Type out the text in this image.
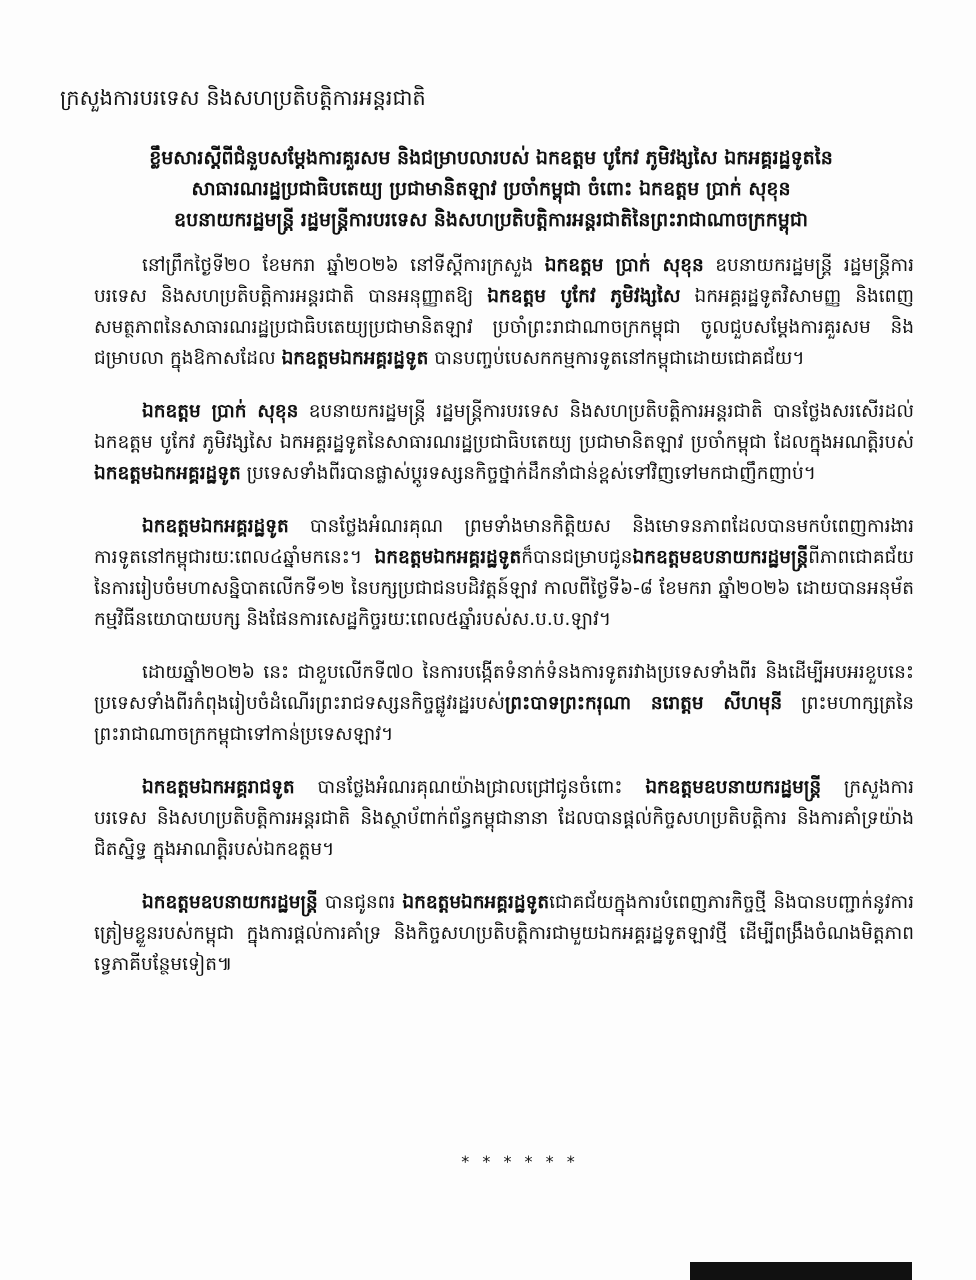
ក្រសួងការបរទេស និងសហប្រតិបត្តិការអន្តរជាតិ
ខ្លឹមសារស្តីពីជំនួបសម្តែងការគួរសម និងជម្រាបលារបស់ ឯកឧត្តម បូកែវ ភូមិវង្សសៃ ឯកអគ្គរដ្ឋទូតនៃ
សាធារណរដ្ឋប្រជាធិបតេយ្យ ប្រជាមានិតឡាវ ប្រចាំកម្ពុជា ចំពោះ ឯកឧត្តម ប្រាក់ សុខុន
ឧបនាយករដ្ឋមន្ត្រី រដ្ឋមន្ត្រីការបរទេស និងសហប្រតិបត្តិការអន្តរជាតិនៃព្រះរាជាណាចក្រកម្ពុជា

នៅព្រឹកថ្ងៃទី២០ ខែមករា ឆ្នាំ២០២៦ នៅទីស្តីការក្រសួង ឯកឧត្តម ប្រាក់ សុខុន ឧបនាយករដ្ឋមន្ត្រី រដ្ឋមន្ត្រីការបរទេស និងសហប្រតិបត្តិការអន្តរជាតិ បានអនុញ្ញាតឱ្យ ឯកឧត្តម បូកែវ ភូមិវង្សសៃ ឯកអគ្គរដ្ឋទូតវិសាមញ្ញ និងពេញសមត្ថភាពនៃសាធារណរដ្ឋប្រជាធិបតេយ្យប្រជាមានិតឡាវ ប្រចាំព្រះរាជាណាចក្រកម្ពុជា ចូលជួបសម្តែងការគួរសម និងជម្រាបលា ក្នុងឱកាសដែល ឯកឧត្តមឯកអគ្គរដ្ឋទូត បានបញ្ចប់បេសកកម្មការទូតនៅកម្ពុជាដោយជោគជ័យ។

ឯកឧត្តម ប្រាក់ សុខុន ឧបនាយករដ្ឋមន្ត្រី រដ្ឋមន្ត្រីការបរទេស និងសហប្រតិបត្តិការអន្តរជាតិ បានថ្លែងសរសើរដល់ ឯកឧត្តម បូកែវ ភូមិវង្សសៃ ឯកអគ្គរដ្ឋទូតនៃសាធារណរដ្ឋប្រជាធិបតេយ្យ ប្រជាមានិតឡាវ ប្រចាំកម្ពុជា ដែលក្នុងអណត្តិរបស់ឯកឧត្តមឯកអគ្គរដ្ឋទូត ប្រទេសទាំងពីរបានផ្លាស់ប្តូរទស្សនកិច្ចថ្នាក់ដឹកនាំជាន់ខ្ពស់ទៅវិញទៅមកជាញឹកញាប់។

ឯកឧត្តមឯកអគ្គរដ្ឋទូត បានថ្លែងអំណរគុណ ព្រមទាំងមានកិត្តិយស និងមោទនភាពដែលបានមកបំពេញការងារការទូតនៅកម្ពុជារយៈពេល៤ឆ្នាំមកនេះ។ ឯកឧត្តមឯកអគ្គរដ្ឋទូតក៏បានជម្រាបជូនឯកឧត្តមឧបនាយករដ្ឋមន្ត្រីពីភាពជោគជ័យនៃការរៀបចំមហាសន្និបាតលើកទី១២ នៃបក្សប្រជាជនបដិវត្តន៍ឡាវ កាលពីថ្ងៃទី៦-៨ ខែមករា ឆ្នាំ២០២៦ ដោយបានអនុម័តកម្មវិធីនយោបាយបក្ស និងផែនការសេដ្ឋកិច្ចរយៈពេល៥ឆ្នាំរបស់ស.ប.ប.ឡាវ។

ដោយឆ្នាំ២០២៦ នេះ ជាខួបលើកទី៧០ នៃការបង្កើតទំនាក់ទំនងការទូតរវាងប្រទេសទាំងពីរ និងដើម្បីអបអរខួបនេះ ប្រទេសទាំងពីរកំពុងរៀបចំដំណើរព្រះរាជទស្សនកិច្ចផ្លូវរដ្ឋរបស់ព្រះបាទព្រះករុណា នរោត្តម សីហមុនី ព្រះមហាក្សត្រនៃព្រះរាជាណាចក្រកម្ពុជាទៅកាន់ប្រទេសឡាវ។

ឯកឧត្តមឯកអគ្គរាជទូត បានថ្លែងអំណរគុណយ៉ាងជ្រាលជ្រៅជូនចំពោះ ឯកឧត្តមឧបនាយករដ្ឋមន្ត្រី ក្រសួងការបរទេស និងសហប្រតិបត្តិការអន្តរជាតិ និងស្ថាប័ពាក់ព័ន្ធកម្ពុជានានា ដែលបានផ្តល់កិច្ចសហប្រតិបត្តិការ និងការគាំទ្រយ៉ាងជិតស្និទ្ធ ក្នុងអាណត្តិរបស់ឯកឧត្តម។

ឯកឧត្តមឧបនាយករដ្ឋមន្ត្រី បានជូនពរ ឯកឧត្តមឯកអគ្គរដ្ឋទូតជោគជ័យក្នុងការបំពេញភារកិច្ចថ្មី និងបានបញ្ជាក់នូវការត្រៀមខ្លួនរបស់កម្ពុជា ក្នុងការផ្តល់ការគាំទ្រ និងកិច្ចសហប្រតិបត្តិការជាមួយឯកអគ្គរដ្ឋទូតឡាវថ្មី ដើម្បីពង្រឹងចំណងមិត្តភាពទ្វេភាគីបន្ថែមទៀត៕

* * * * * *
